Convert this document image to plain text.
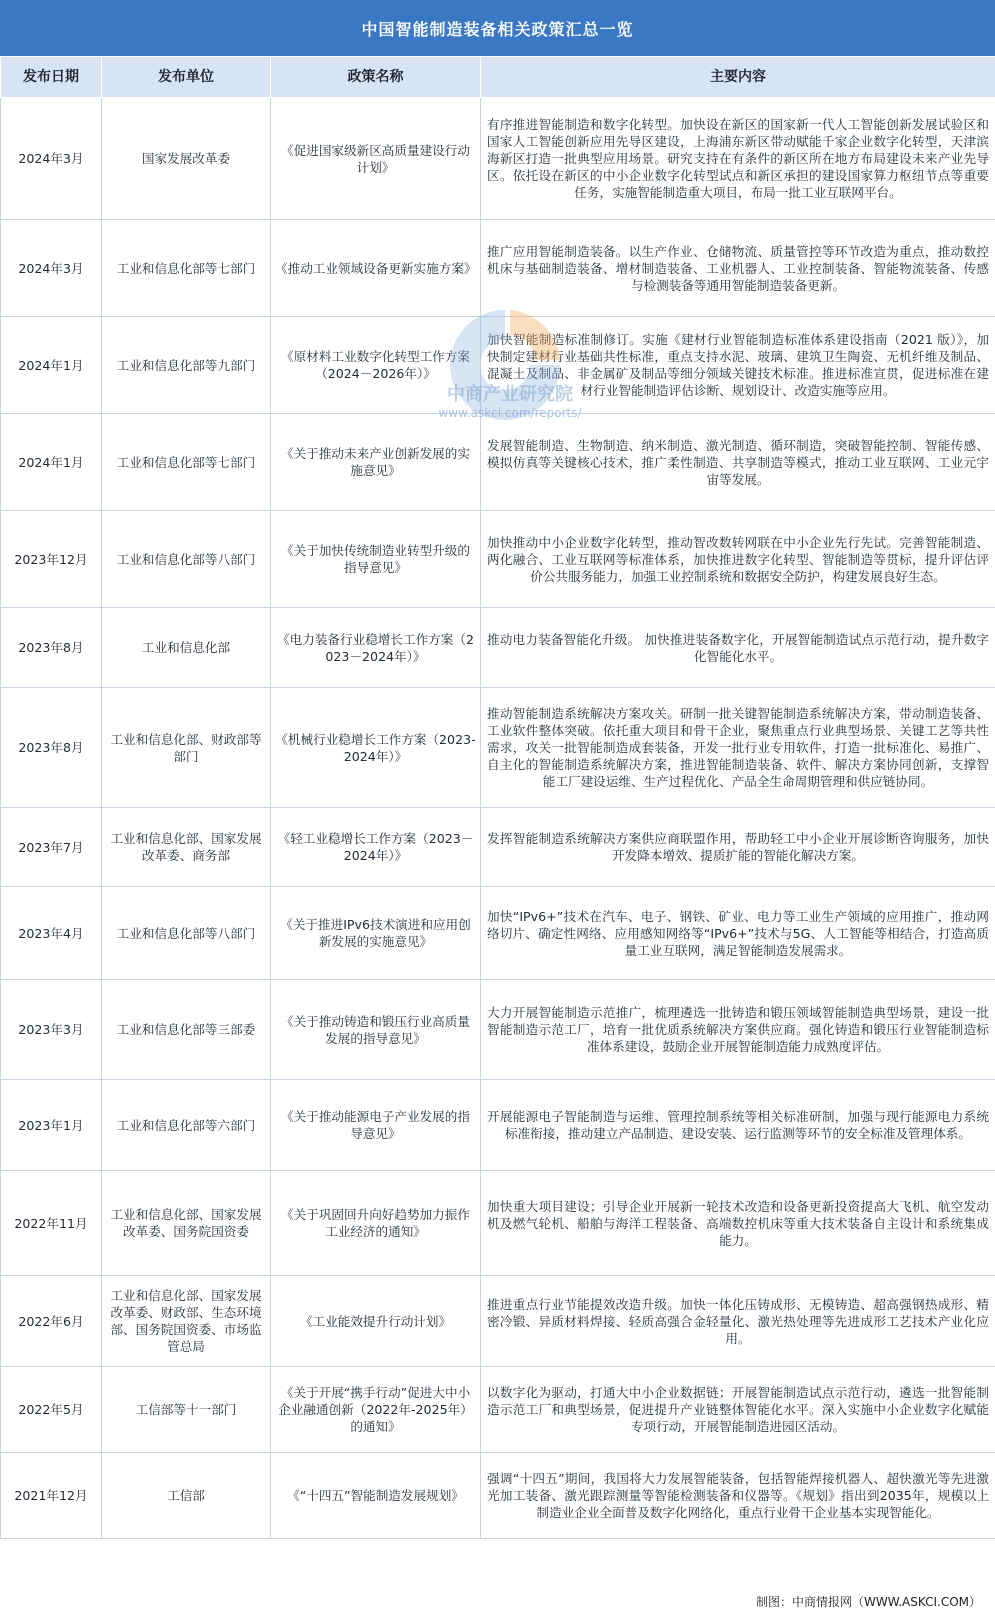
中国智能制造装备相关政策汇总一览
发布日期	发布单位	政策名称	主要内容
2024年3月	国家发展改革委	《促进国家级新区高质量建设行动计划》	有序推进智能制造和数字化转型。加快设在新区的国家新一代人工智能创新发展试验区和国家人工智能创新应用先导区建设，上海浦东新区带动赋能千家企业数字化转型，天津滨海新区打造一批典型应用场景。研究支持在有条件的新区所在地方布局建设未来产业先导区。依托设在新区的中小企业数字化转型试点和新区承担的建设国家算力枢纽节点等重要任务，实施智能制造重大项目，布局一批工业互联网平台。
2024年3月	工业和信息化部等七部门	《推动工业领域设备更新实施方案》	推广应用智能制造装备。以生产作业、仓储物流、质量管控等环节改造为重点，推动数控机床与基础制造装备、增材制造装备、工业机器人、工业控制装备、智能物流装备、传感与检测装备等通用智能制造装备更新。
2024年1月	工业和信息化部等九部门	《原材料工业数字化转型工作方案（2024－2026年）》	加快智能制造标准制修订。实施《建材行业智能制造标准体系建设指南（2021 版）》，加快制定建材行业基础共性标准，重点支持水泥、玻璃、建筑卫生陶瓷、无机纤维及制品、混凝土及制品、非金属矿及制品等细分领域关键技术标准。推进标准宣贯，促进标准在建材行业智能制造评估诊断、规划设计、改造实施等应用。
2024年1月	工业和信息化部等七部门	《关于推动未来产业创新发展的实施意见》	发展智能制造、生物制造、纳米制造、激光制造、循环制造，突破智能控制、智能传感、模拟仿真等关键核心技术，推广柔性制造、共享制造等模式，推动工业互联网、工业元宇宙等发展。
2023年12月	工业和信息化部等八部门	《关于加快传统制造业转型升级的指导意见》	加快推动中小企业数字化转型，推动智改数转网联在中小企业先行先试。完善智能制造、两化融合、工业互联网等标准体系，加快推进数字化转型、智能制造等贯标，提升评估评价公共服务能力，加强工业控制系统和数据安全防护，构建发展良好生态。
2023年8月	工业和信息化部	《电力装备行业稳增长工作方案（2023－2024年）》	推动电力装备智能化升级。 加快推进装备数字化，开展智能制造试点示范行动，提升数字化智能化水平。
2023年8月	工业和信息化部、财政部等部门	《机械行业稳增长工作方案（2023-2024年）》	推动智能制造系统解决方案攻关。研制一批关键智能制造系统解决方案，带动制造装备、工业软件整体突破。依托重大项目和骨干企业，聚焦重点行业典型场景、关键工艺等共性需求，攻关一批智能制造成套装备，开发一批行业专用软件，打造一批标准化、易推广、自主化的智能制造系统解决方案，推进智能制造装备、软件、解决方案协同创新，支撑智能工厂建设运维、生产过程优化、产品全生命周期管理和供应链协同。
2023年7月	工业和信息化部、国家发展改革委、商务部	《轻工业稳增长工作方案（2023－2024年）》	发挥智能制造系统解决方案供应商联盟作用，帮助轻工中小企业开展诊断咨询服务，加快开发降本增效、提质扩能的智能化解决方案。
2023年4月	工业和信息化部等八部门	《关于推进IPv6技术演进和应用创新发展的实施意见》	加快“IPv6+”技术在汽车、电子、钢铁、矿业、电力等工业生产领域的应用推广，推动网络切片、确定性网络、应用感知网络等“IPv6+”技术与5G、人工智能等相结合，打造高质量工业互联网，满足智能制造发展需求。
2023年3月	工业和信息化部等三部委	《关于推动铸造和锻压行业高质量发展的指导意见》	大力开展智能制造示范推广，梳理遴选一批铸造和锻压领域智能制造典型场景，建设一批智能制造示范工厂，培育一批优质系统解决方案供应商。强化铸造和锻压行业智能制造标准体系建设，鼓励企业开展智能制造能力成熟度评估。
2023年1月	工业和信息化部等六部门	《关于推动能源电子产业发展的指导意见》	开展能源电子智能制造与运维、管理控制系统等相关标准研制，加强与现行能源电力系统标准衔接，推动建立产品制造、建设安装、运行监测等环节的安全标准及管理体系。
2022年11月	工业和信息化部、国家发展改革委、国务院国资委	《关于巩固回升向好趋势加力振作工业经济的通知》	加快重大项目建设；引导企业开展新一轮技术改造和设备更新投资提高大飞机、航空发动机及燃气轮机、船舶与海洋工程装备、高端数控机床等重大技术装备自主设计和系统集成能力。
2022年6月	工业和信息化部、国家发展改革委、财政部、生态环境部、国务院国资委、市场监管总局	《工业能效提升行动计划》	推进重点行业节能提效改造升级。加快一体化压铸成形、无模铸造、超高强钢热成形、精密冷锻、异质材料焊接、轻质高强合金轻量化、激光热处理等先进成形工艺技术产业化应用。
2022年5月	工信部等十一部门	《关于开展“携手行动”促进大中小企业融通创新（2022年-2025年）的通知》	以数字化为驱动，打通大中小企业数据链；开展智能制造试点示范行动，遴选一批智能制造示范工厂和典型场景，促进提升产业链整体智能化水平。深入实施中小企业数字化赋能专项行动，开展智能制造进园区活动。
2021年12月	工信部	《“十四五”智能制造发展规划》	强调“十四五”期间，我国将大力发展智能装备，包括智能焊接机器人、超快激光等先进激光加工装备、激光跟踪测量等智能检测装备和仪器等。《规划》指出到2035年，规模以上制造业企业全面普及数字化网络化，重点行业骨干企业基本实现智能化。
中商产业研究院
www.askci.com/reports/
制图：中商情报网（WWW.ASKCI.COM）
